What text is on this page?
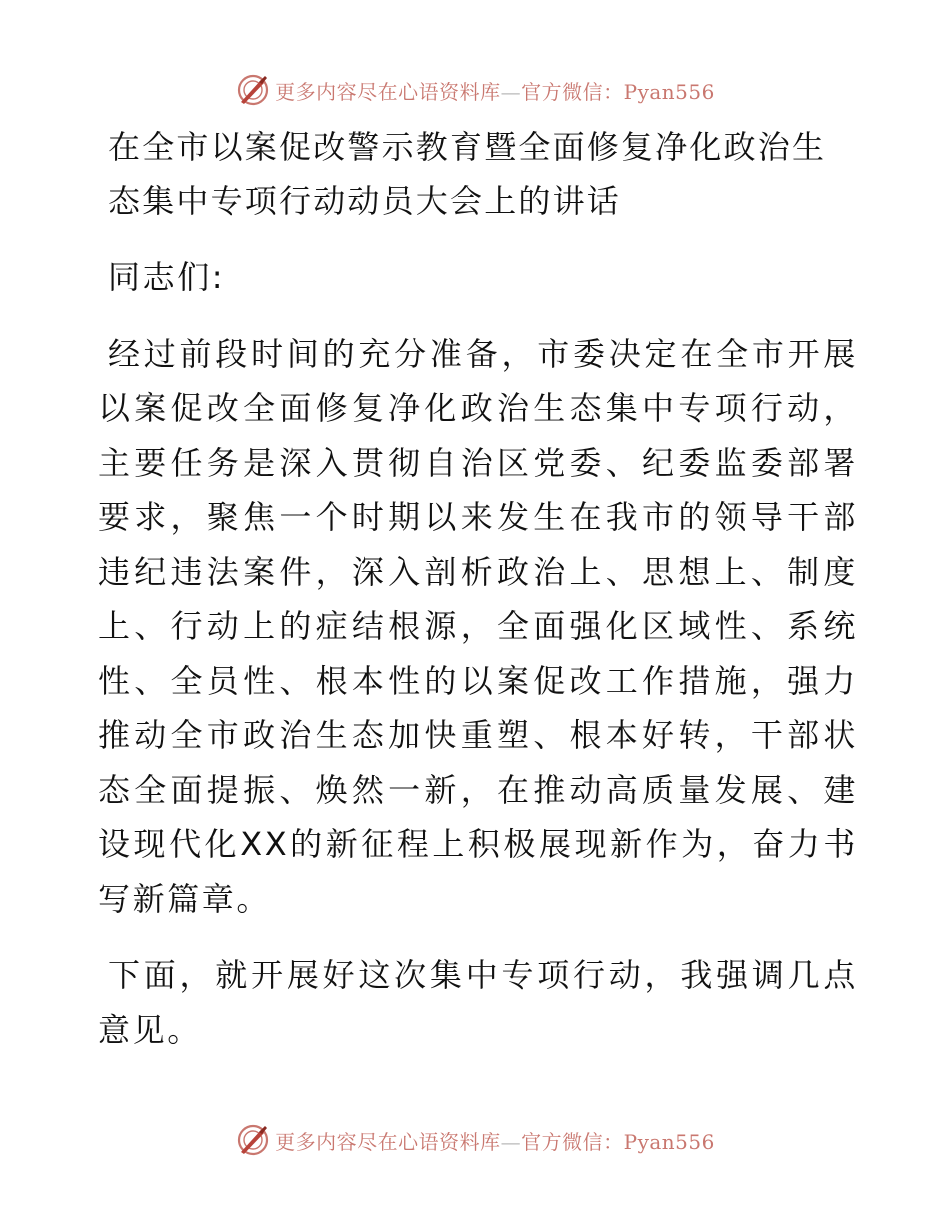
更多内容尽在心语资料库—官方微信：Pyan556
在全市以案促改警示教育暨全面修复净化政治生态集中专项行动动员大会上的讲话

同志们:

经过前段时间的充分准备，市委决定在全市开展以案促改全面修复净化政治生态集中专项行动，主要任务是深入贯彻自治区党委、纪委监委部署要求，聚焦一个时期以来发生在我市的领导干部违纪违法案件，深入剖析政治上、思想上、制度上、行动上的症结根源，全面强化区域性、系统性、全员性、根本性的以案促改工作措施，强力推动全市政治生态加快重塑、根本好转，干部状态全面提振、焕然一新，在推动高质量发展、建设现代化XX的新征程上积极展现新作为，奋力书写新篇章。

下面，就开展好这次集中专项行动，我强调几点意见。

更多内容尽在心语资料库—官方微信：Pyan556
